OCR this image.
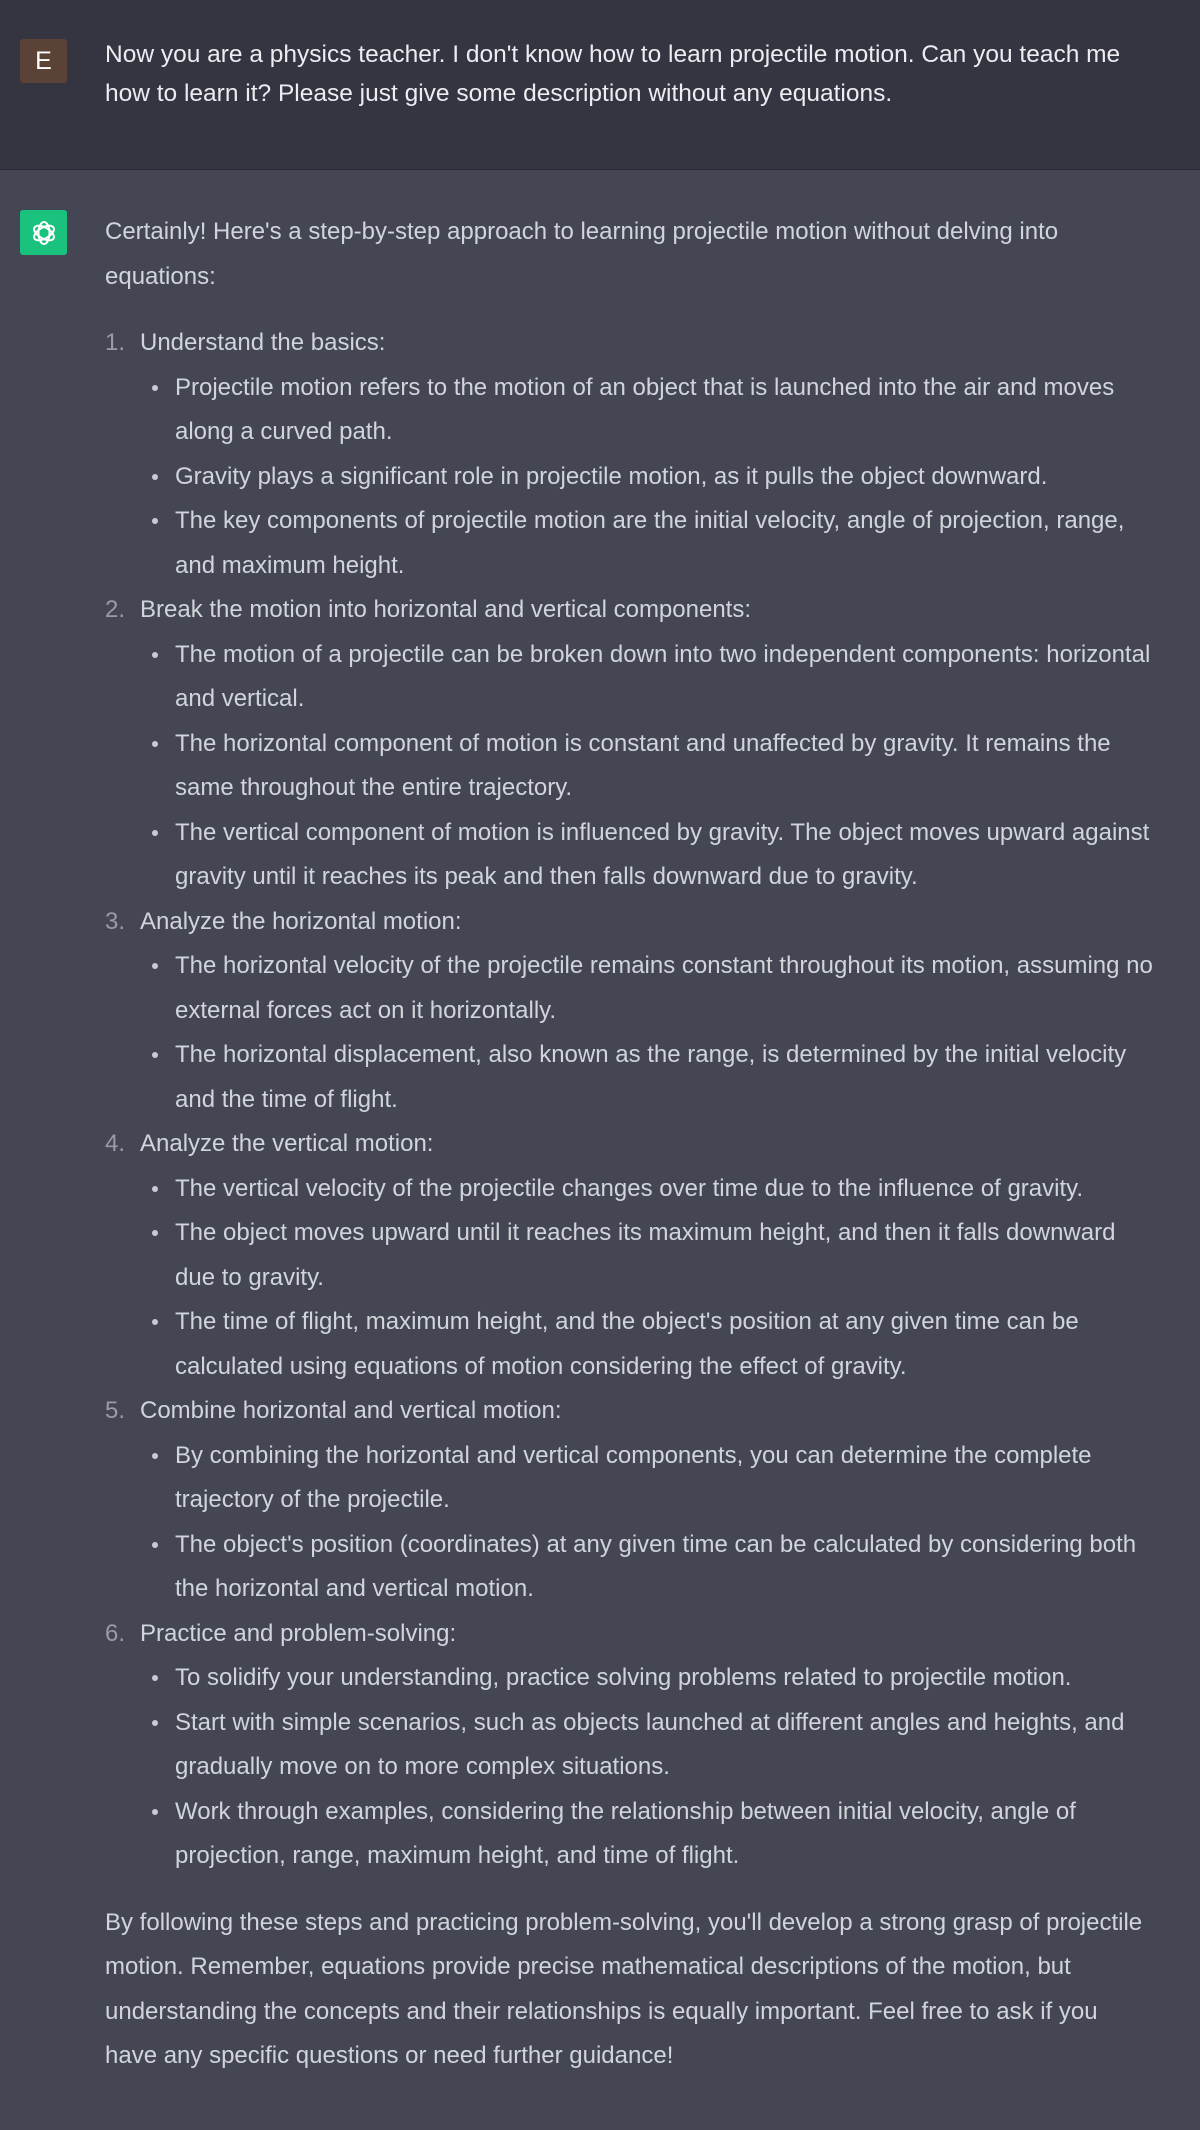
E Now you are a physics teacher. I don't know how to learn projectile motion. Can you teach me how to learn it? Please just give some description without any equations.

Certainly! Here's a step-by-step approach to learning projectile motion without delving into equations:

1. Understand the basics:
Projectile motion refers to the motion of an object that is launched into the air and moves along a curved path.
Gravity plays a significant role in projectile motion, as it pulls the object downward.
The key components of projectile motion are the initial velocity, angle of projection, range, and maximum height.
2. Break the motion into horizontal and vertical components:
The motion of a projectile can be broken down into two independent components: horizontal and vertical.
The horizontal component of motion is constant and unaffected by gravity. It remains the same throughout the entire trajectory.
The vertical component of motion is influenced by gravity. The object moves upward against gravity until it reaches its peak and then falls downward due to gravity.
3. Analyze the horizontal motion:
The horizontal velocity of the projectile remains constant throughout its motion, assuming no external forces act on it horizontally.
The horizontal displacement, also known as the range, is determined by the initial velocity and the time of flight.
4. Analyze the vertical motion:
The vertical velocity of the projectile changes over time due to the influence of gravity.
The object moves upward until it reaches its maximum height, and then it falls downward due to gravity.
The time of flight, maximum height, and the object's position at any given time can be calculated using equations of motion considering the effect of gravity.
5. Combine horizontal and vertical motion:
By combining the horizontal and vertical components, you can determine the complete trajectory of the projectile.
The object's position (coordinates) at any given time can be calculated by considering both the horizontal and vertical motion.
6. Practice and problem-solving:
To solidify your understanding, practice solving problems related to projectile motion.
Start with simple scenarios, such as objects launched at different angles and heights, and gradually move on to more complex situations.
Work through examples, considering the relationship between initial velocity, angle of projection, range, maximum height, and time of flight.

By following these steps and practicing problem-solving, you'll develop a strong grasp of projectile motion. Remember, equations provide precise mathematical descriptions of the motion, but understanding the concepts and their relationships is equally important. Feel free to ask if you have any specific questions or need further guidance!
